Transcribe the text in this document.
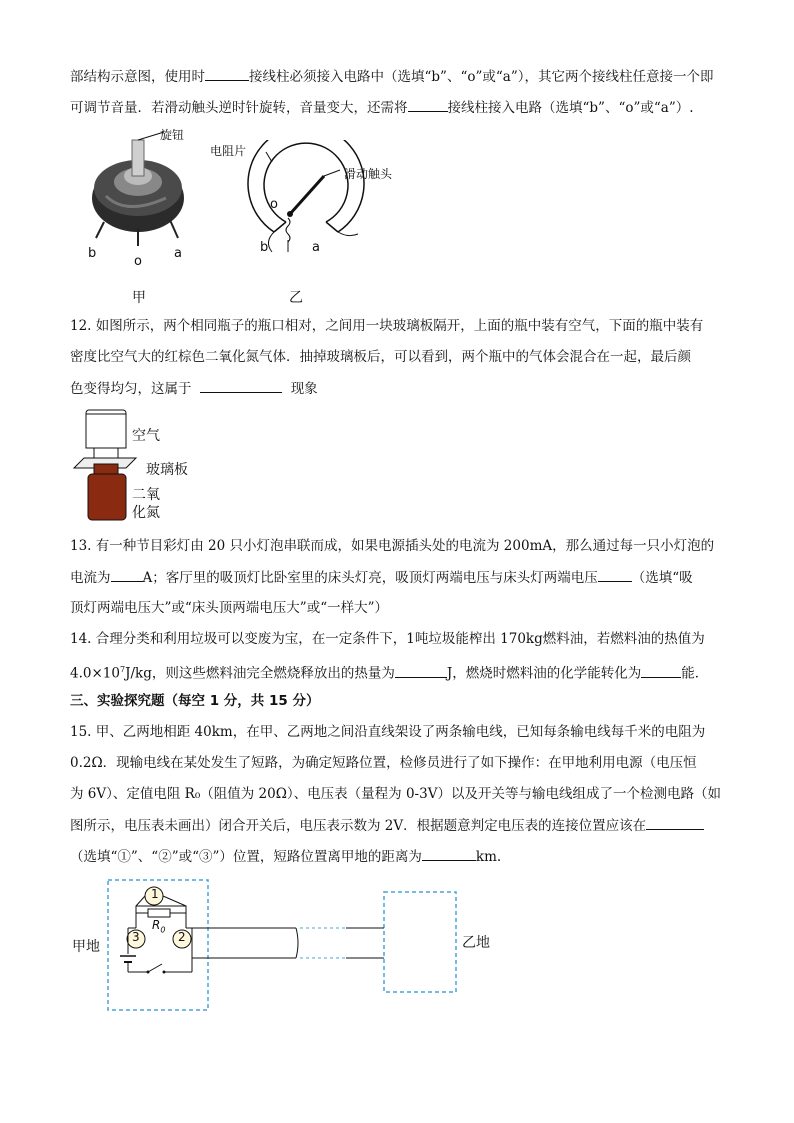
部结构示意图，使用时	接线柱必须接入电路中（选填“b”、“o”或“a”），其它两个接线柱任意接一个即
可调节音量．若滑动触头逆时针旋转，音量变大，还需将	接线柱接入电路（选填“b”、“o”或“a”）.
旋钮
b
o
a
甲
电阻片
滑动触头
o
b	a
乙
12. 如图所示，两个相同瓶子的瓶口相对，之间用一块玻璃板隔开，上面的瓶中装有空气，下面的瓶中装有
密度比空气大的红棕色二氧化氮气体．抽掉玻璃板后，可以看到，两个瓶中的气体会混合在一起，最后颜
色变得均匀，这属于	现象
空气
玻璃板
二氧
化氮
13. 有一种节目彩灯由 20 只小灯泡串联而成，如果电源插头处的电流为 200mA，那么通过每一只小灯泡的
电流为 A；客厅里的吸顶灯比卧室里的床头灯亮，吸顶灯两端电压与床头灯两端电压	（选填“吸
顶灯两端电压大”或“床头顶两端电压大”或“一样大”）
14. 合理分类和利用垃圾可以变废为宝，在一定条件下，1吨垃圾能榨出 170kg燃料油，若燃料油的热值为
$4.0\times 10^7J/kg$，则这些燃料油完全燃烧释放出的热量为	J，燃烧时燃料油的化学能转化为	能．
三、实验探究题（每空 1 分，共 15 分）
15. 甲、乙两地相距 40km，在甲、乙两地之间沿直线架设了两条输电线，已知每条输电线每千米的电阻为
0.2Ω．现输电线在某处发生了短路，为确定短路位置，检修员进行了如下操作：在甲地利用电源（电压恒
为 6V）、定值电阻 R₀（阻值为 20Ω）、电压表（量程为 0-3V）以及开关等与输电线组成了一个检测电路（如
图所示，电压表未画出）闭合开关后，电压表示数为 2V．根据题意判定电压表的连接位置应该在
（选填“①”、“②”或“③”）位置，短路位置离甲地的距离为	km.
1
3	2
$R_0$
甲地	乙地
